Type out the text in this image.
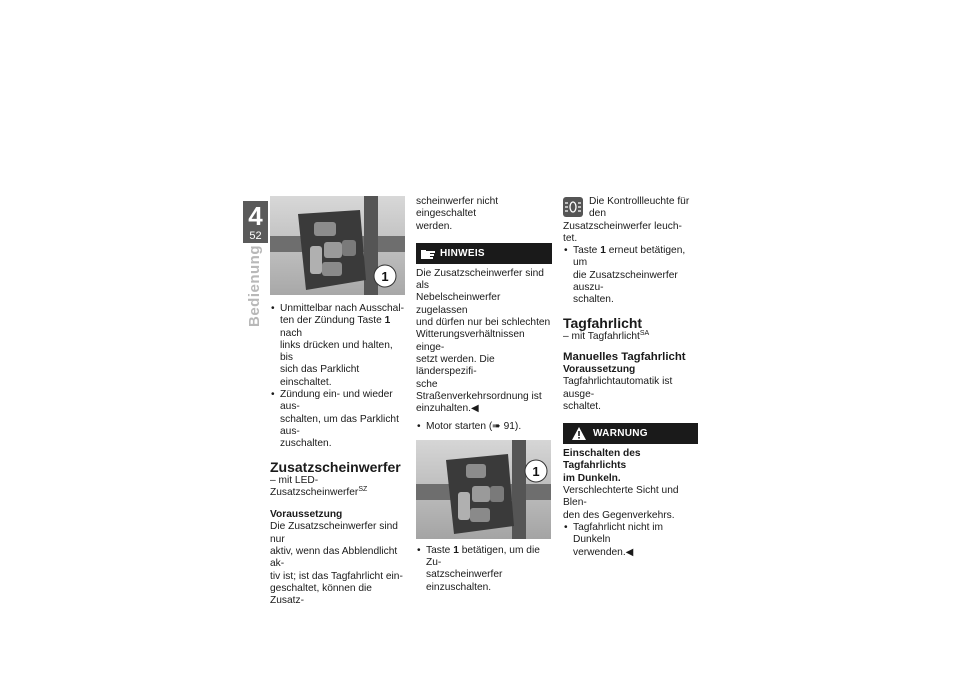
4
52
Bedienung	1
• Unmittelbar nach Ausschal-
ten der Zündung Taste 1 nach
links drücken und halten, bis
sich das Parklicht einschaltet.
• Zündung ein- und wieder aus-
schalten, um das Parklicht aus-
zuschalten.
Zusatzscheinwerfer
– mit LED-Zusatzscheinwerfer$^{SZ}$
Voraussetzung

Die Zusatzscheinwerfer sind nur
aktiv, wenn das Abblendlicht ak-
tiv ist; ist das Tagfahrlicht ein-
geschaltet, können die Zusatz-

scheinwerfer nicht eingeschaltet
werden.

HINWEIS

Die Zusatzscheinwerfer sind als
Nebelscheinwerfer zugelassen
und dürfen nur bei schlechten
Witterungsverhältnissen einge-
setzt werden. Die länderspezifi-
sche Straßenverkehrsordnung ist
einzuhalten.◀

• Motor starten (➠ 91).
1
• Taste 1 betätigen, um die Zu-
satzscheinwerfer einzuschalten.

Die Kontrollleuchte für den
Zusatzscheinwerfer leuch-
tet.

• Taste 1 erneut betätigen, um
die Zusatzscheinwerfer auszu-
schalten.
Tagfahrlicht
– mit Tagfahrlicht$^{SA}$
Manuelles Tagfahrlicht
Voraussetzung

Tagfahrlichtautomatik ist ausge-
schaltet.

WARNUNG
Einschalten des Tagfahrlichts
im Dunkeln.

Verschlechterte Sicht und Blen-
den des Gegenverkehrs.

• Tagfahrlicht nicht im Dunkeln
verwenden.◀
